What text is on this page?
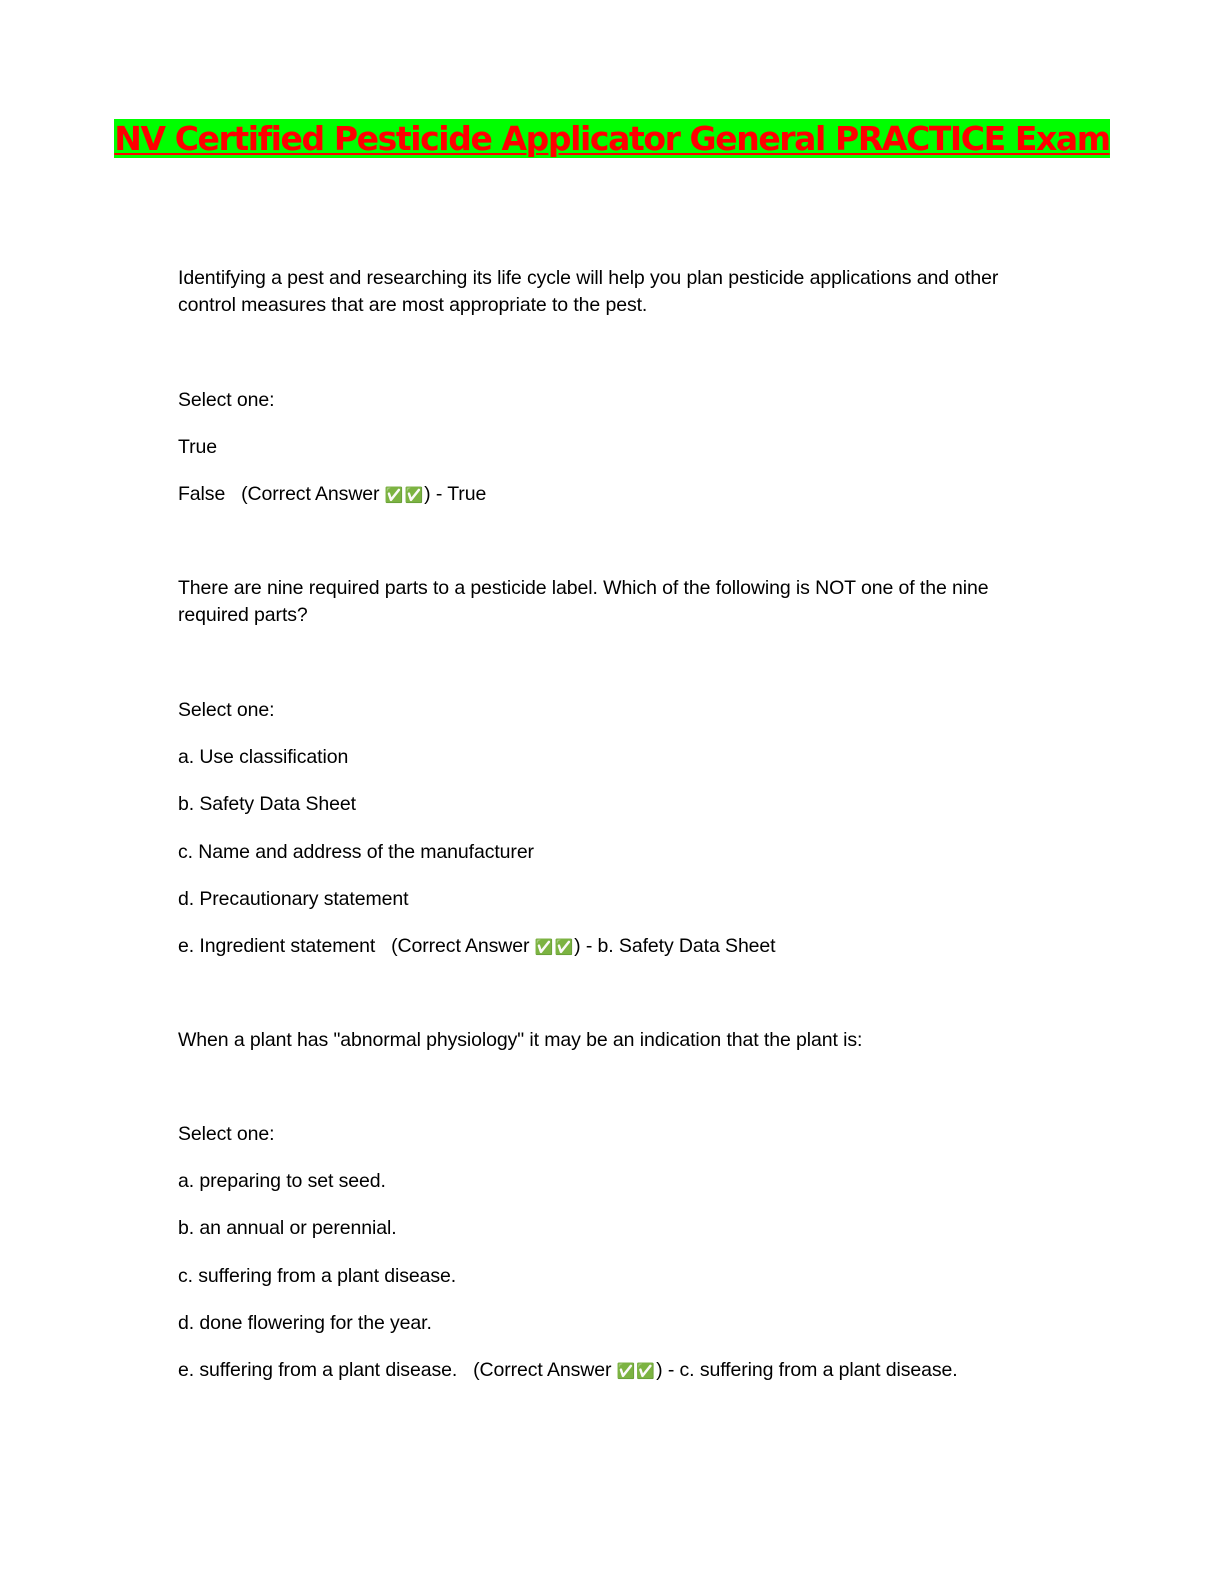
NV Certified Pesticide Applicator General PRACTICE Exam
Identifying a pest and researching its life cycle will help you plan pesticide applications and other control measures that are most appropriate to the pest.
Select one:
True
False (Correct Answer ✅✅) - True
There are nine required parts to a pesticide label. Which of the following is NOT one of the nine required parts?
Select one:
a. Use classification
b. Safety Data Sheet
c. Name and address of the manufacturer
d. Precautionary statement
e. Ingredient statement (Correct Answer ✅✅) - b. Safety Data Sheet
When a plant has "abnormal physiology" it may be an indication that the plant is:
Select one:
a. preparing to set seed.
b. an annual or perennial.
c. suffering from a plant disease.
d. done flowering for the year.
e. suffering from a plant disease. (Correct Answer ✅✅) - c. suffering from a plant disease.
